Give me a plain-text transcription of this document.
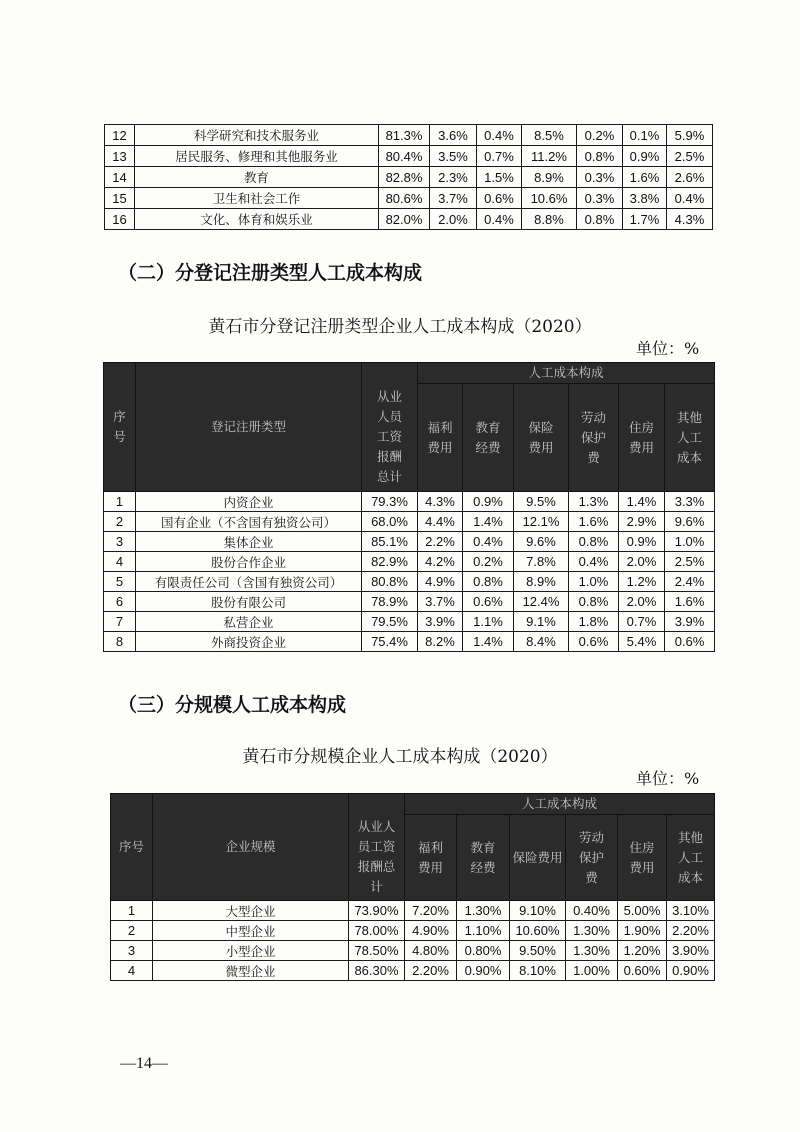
12	科学研究和技术服务业	81.3%	3.6%	0.4%	8.5%	0.2%	0.1%	5.9%
13	居民服务、修理和其他服务业	80.4%	3.5%	0.7%	11.2%	0.8%	0.9%	2.5%
14	教育	82.8%	2.3%	1.5%	8.9%	0.3%	1.6%	2.6%
15	卫生和社会工作	80.6%	3.7%	0.6%	10.6%	0.3%	3.8%	0.4%
16	文化、体育和娱乐业	82.0%	2.0%	0.4%	8.8%	0.8%	1.7%	4.3%
（二）分登记注册类型人工成本构成

黄石市分登记注册类型企业人工成本构成（2020）

单位：%

序号	登记注册类型		人工成本构成					
		从业人员工资报酬总计	福利费用	教育经费	保险费用	劳动保护费	住房费用	其他人工成本
1	内资企业	79.3%	4.3%	0.9%	9.5%	1.3%	1.4%	3.3%
2	国有企业（不含国有独资公司）	68.0%	4.4%	1.4%	12.1%	1.6%	2.9%	9.6%
3	集体企业	85.1%	2.2%	0.4%	9.6%	0.8%	0.9%	1.0%
4	股份合作企业	82.9%	4.2%	0.2%	7.8%	0.4%	2.0%	2.5%
5	有限责任公司（含国有独资公司）	80.8%	4.9%	0.8%	8.9%	1.0%	1.2%	2.4%
6	股份有限公司	78.9%	3.7%	0.6%	12.4%	0.8%	2.0%	1.6%
7	私营企业	79.5%	3.9%	1.1%	9.1%	1.8%	0.7%	3.9%
8	外商投资企业	75.4%	8.2%	1.4%	8.4%	0.6%	5.4%	0.6%
（三）分规模人工成本构成

黄石市分规模企业人工成本构成（2020）

单位：%

序号	企业规模		人工成本构成					
		从业人员工资报酬总计	福利费用	教育经费	保险费用	劳动保护费	住房费用	其他人工成本
1	大型企业	73.90%	7.20%	1.30%	9.10%	0.40%	5.00%	3.10%
2	中型企业	78.00%	4.90%	1.10%	10.60%	1.30%	1.90%	2.20%
3	小型企业	78.50%	4.80%	0.80%	9.50%	1.30%	1.20%	3.90%
4	微型企业	86.30%	2.20%	0.90%	8.10%	1.00%	0.60%	0.90%

—14—
